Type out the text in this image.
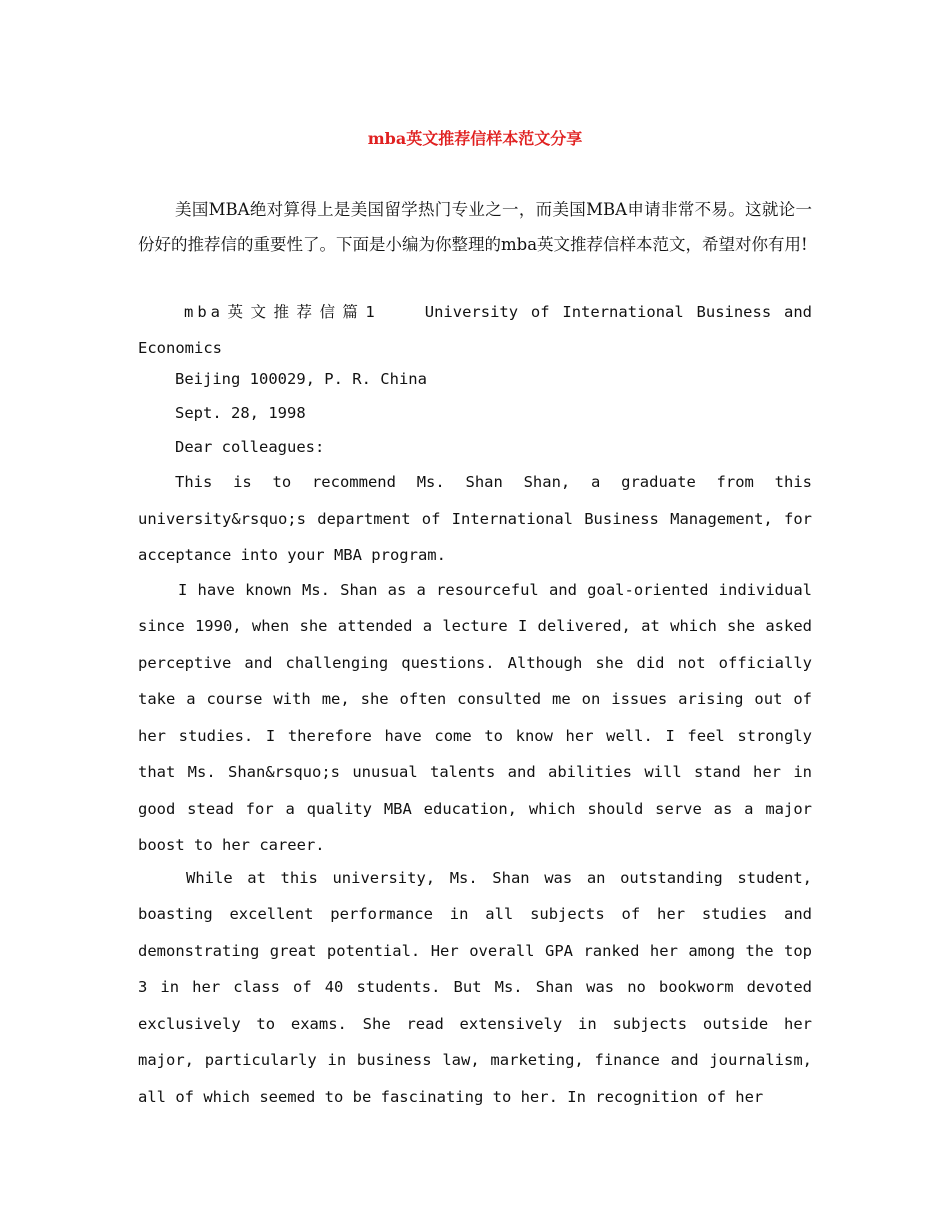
mba英文推荐信样本范文分享
美国MBA绝对算得上是美国留学热门专业之一，而美国MBA申请非常不易。这就论一份好的推荐信的重要性了。下面是小编为你整理的mba英文推荐信样本范文，希望对你有用!
mba英文推荐信篇1	University of International Business and Economics
Beijing 100029, P. R. China
Sept. 28, 1998
Dear colleagues:

This is to recommend Ms. Shan Shan, a graduate from this university&rsquo;s department of International Business Management, for acceptance into your MBA program.

I have known Ms. Shan as a resourceful and goal-oriented individual since 1990, when she attended a lecture I delivered, at which she asked perceptive and challenging questions. Although she did not officially take a course with me, she often consulted me on issues arising out of her studies. I therefore have come to know her well. I feel strongly that Ms. Shan&rsquo;s unusual talents and abilities will stand her in good stead for a quality MBA education, which should serve as a major boost to her career.

While at this university, Ms. Shan was an outstanding student, boasting excellent performance in all subjects of her studies and demonstrating great potential. Her overall GPA ranked her among the top 3 in her class of 40 students. But Ms. Shan was no bookworm devoted exclusively to exams. She read extensively in subjects outside her major, particularly in business law, marketing, finance and journalism, all of which seemed to be fascinating to her. In recognition of her
